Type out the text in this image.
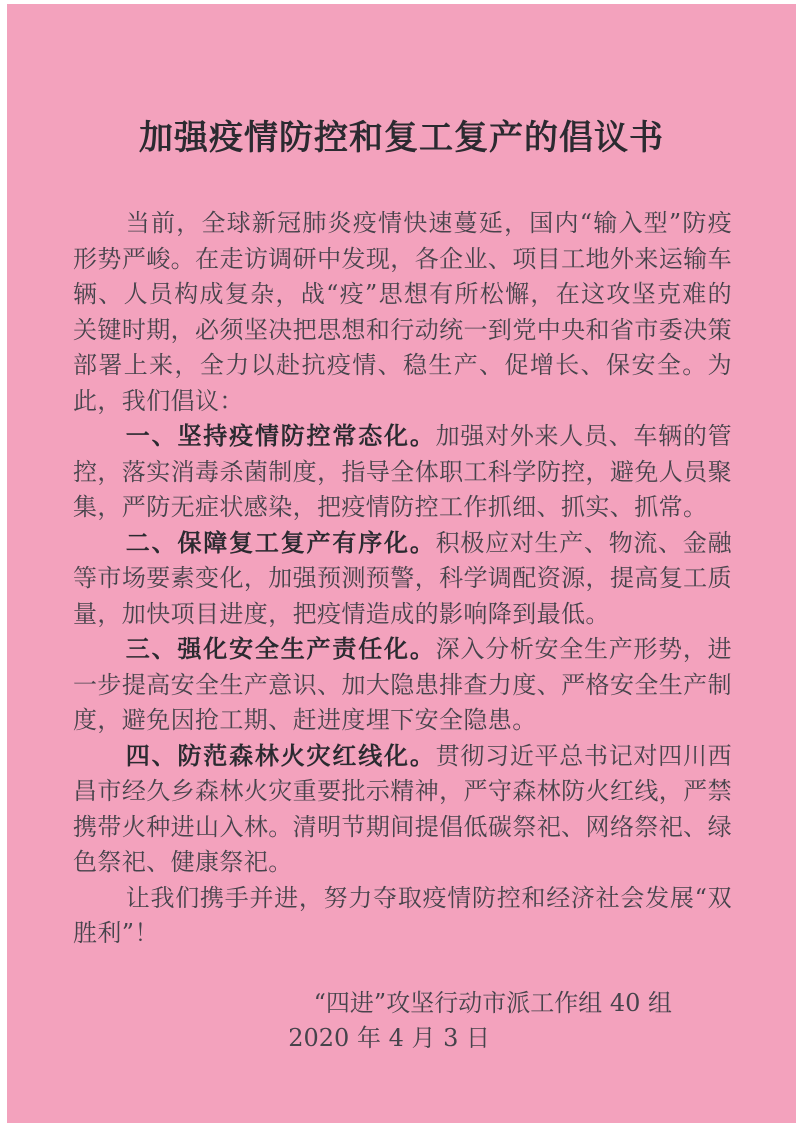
加强疫情防控和复工复产的倡议书

当前，全球新冠肺炎疫情快速蔓延，国内“输入型”防疫形势严峻。在走访调研中发现，各企业、项目工地外来运输车辆、人员构成复杂，战“疫”思想有所松懈，在这攻坚克难的关键时期，必须坚决把思想和行动统一到党中央和省市委决策部署上来，全力以赴抗疫情、稳生产、促增长、保安全。为此，我们倡议：

一、坚持疫情防控常态化。加强对外来人员、车辆的管控，落实消毒杀菌制度，指导全体职工科学防控，避免人员聚集，严防无症状感染，把疫情防控工作抓细、抓实、抓常。

二、保障复工复产有序化。积极应对生产、物流、金融等市场要素变化，加强预测预警，科学调配资源，提高复工质量，加快项目进度，把疫情造成的影响降到最低。

三、强化安全生产责任化。深入分析安全生产形势，进一步提高安全生产意识、加大隐患排查力度、严格安全生产制度，避免因抢工期、赶进度埋下安全隐患。

四、防范森林火灾红线化。贯彻习近平总书记对四川西昌市经久乡森林火灾重要批示精神，严守森林防火红线，严禁携带火种进山入林。清明节期间提倡低碳祭祀、网络祭祀、绿色祭祀、健康祭祀。

让我们携手并进，努力夺取疫情防控和经济社会发展“双胜利”！

“四进”攻坚行动市派工作组 40 组
2020 年 4 月 3 日
